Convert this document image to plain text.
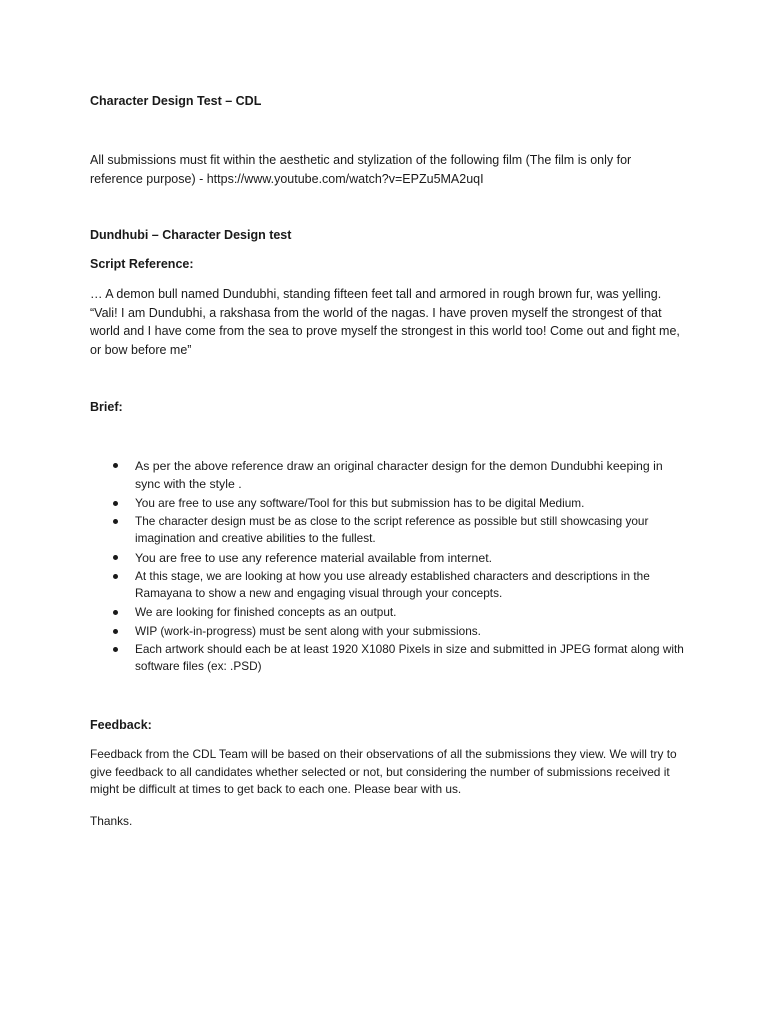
Character Design Test – CDL

All submissions must fit within the aesthetic and stylization of the following film (The film is only for reference purpose) - https://www.youtube.com/watch?v=EPZu5MA2uqI

Dundhubi – Character Design test

Script Reference:

… A demon bull named Dundubhi, standing fifteen feet tall and armored in rough brown fur, was yelling. “Vali! I am Dundubhi, a rakshasa from the world of the nagas. I have proven myself the strongest of that world and I have come from the sea to prove myself the strongest in this world too! Come out and fight me, or bow before me”

Brief:

As per the above reference draw an original character design for the demon Dundubhi keeping in sync with the style .
You are free to use any software/Tool for this but submission has to be digital Medium.
The character design must be as close to the script reference as possible but still showcasing your imagination and creative abilities to the fullest.
You are free to use any reference material available from internet.
At this stage, we are looking at how you use already established characters and descriptions in the Ramayana to show a new and engaging visual through your concepts.
We are looking for finished concepts as an output.
WIP (work-in-progress) must be sent along with your submissions.
Each artwork should each be at least 1920 X1080 Pixels in size and submitted in JPEG format along with software files (ex: .PSD)

Feedback:

Feedback from the CDL Team will be based on their observations of all the submissions they view. We will try to give feedback to all candidates whether selected or not, but considering the number of submissions received it might be difficult at times to get back to each one. Please bear with us.

Thanks.
